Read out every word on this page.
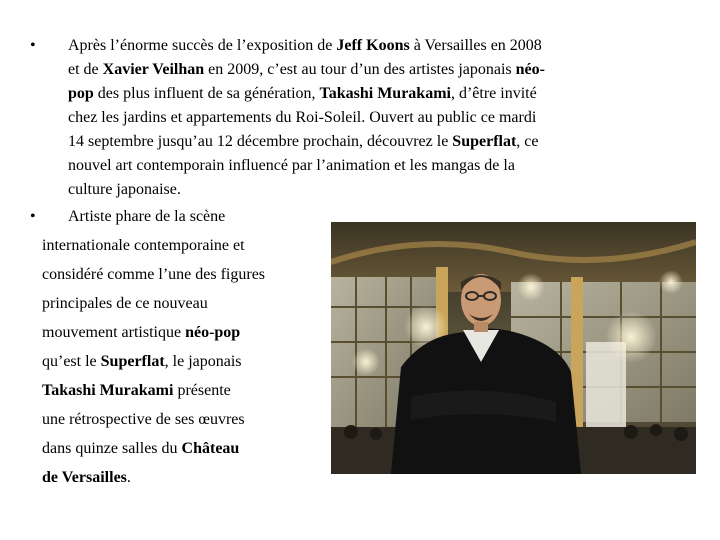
•	Après l’énorme succès de l’exposition de Jeff Koons à Versailles en 2008
et de Xavier Veilhan en 2009, c’est au tour d’un des artistes japonais néo-
pop des plus influent de sa génération, Takashi Murakami, d’être invité
chez les jardins et appartements du Roi-Soleil. Ouvert au public ce mardi
14 septembre jusqu’au 12 décembre prochain, découvrez le Superflat, ce
nouvel art contemporain influencé par l’animation et les mangas de la
culture japonaise.
•	Artiste phare de la scène
internationale contemporaine et
considéré comme l’une des figures
principales de ce nouveau
mouvement artistique néo-pop
qu’est le Superflat, le japonais
Takashi Murakami présente
une rétrospective de ses œuvres
dans quinze salles du Château
de Versailles.
